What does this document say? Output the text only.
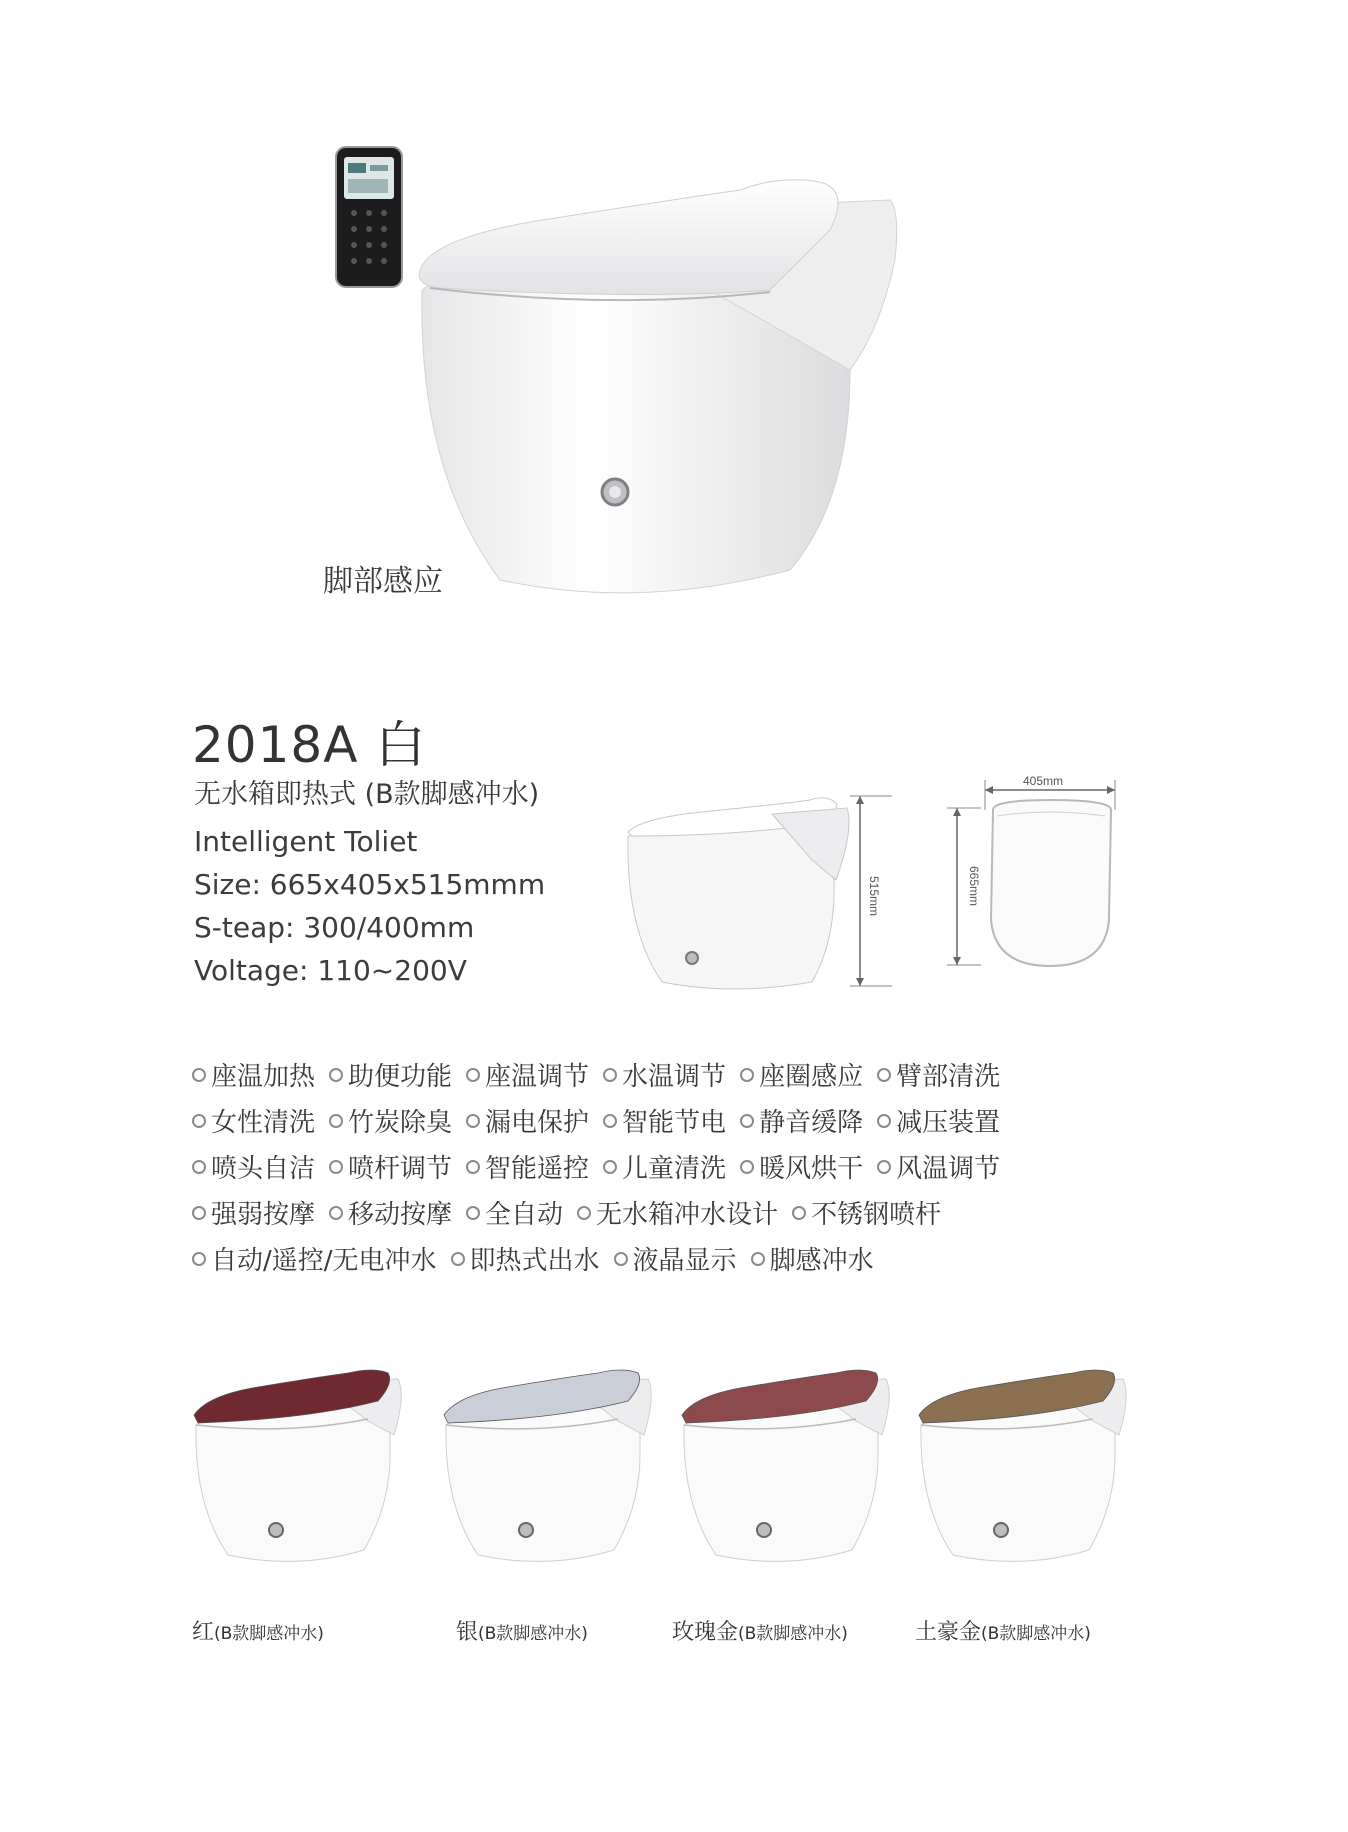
脚部感应
2018A 白
无水箱即热式 (B款脚感冲水)
Intelligent Toliet
Size: 665x405x515mmm
S-teap: 300/400mm
Voltage: 110~200V
515mm
405mm
665mm
座温加热 助便功能 座温调节 水温调节 座圈感应 臂部清洗
女性清洗 竹炭除臭 漏电保护 智能节电 静音缓降 减压装置
喷头自洁 喷杆调节 智能遥控 儿童清洗 暖风烘干 风温调节
强弱按摩 移动按摩 全自动 无水箱冲水设计 不锈钢喷杆
自动/遥控/无电冲水 即热式出水 液晶显示 脚感冲水
红(B款脚感冲水)	银(B款脚感冲水)	玫瑰金(B款脚感冲水)	土豪金(B款脚感冲水)
